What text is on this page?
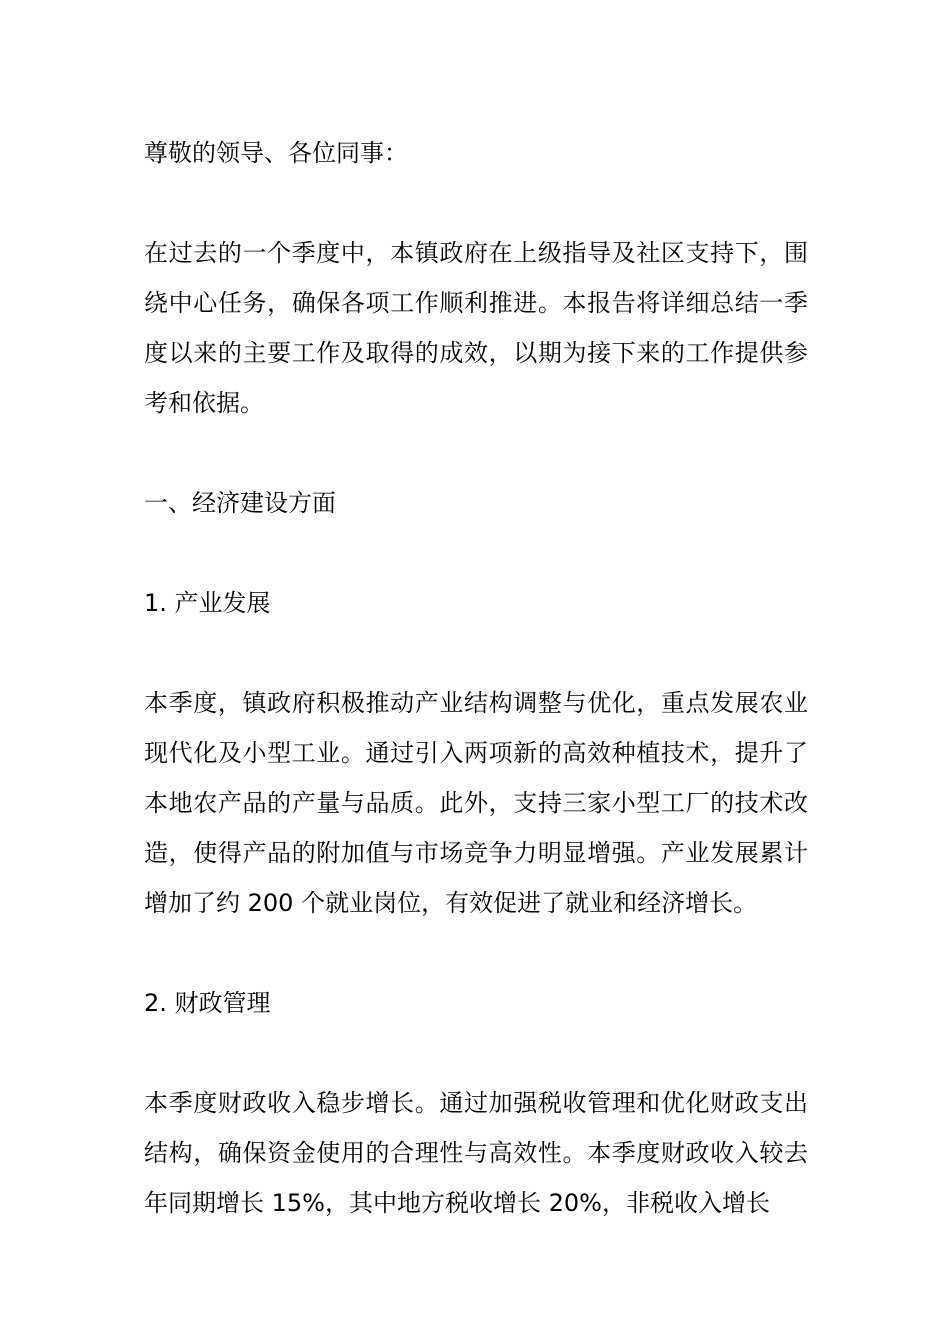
尊敬的领导、各位同事：

在过去的一个季度中，本镇政府在上级指导及社区支持下，围绕中心任务，确保各项工作顺利推进。本报告将详细总结一季度以来的主要工作及取得的成效，以期为接下来的工作提供参考和依据。

一、经济建设方面

1. 产业发展

本季度，镇政府积极推动产业结构调整与优化，重点发展农业现代化及小型工业。通过引入两项新的高效种植技术，提升了本地农产品的产量与品质。此外，支持三家小型工厂的技术改造，使得产品的附加值与市场竞争力明显增强。产业发展累计增加了约 200 个就业岗位，有效促进了就业和经济增长。

2. 财政管理

本季度财政收入稳步增长。通过加强税收管理和优化财政支出结构，确保资金使用的合理性与高效性。本季度财政收入较去年同期增长 15%，其中地方税收增长 20%，非税收入增长
